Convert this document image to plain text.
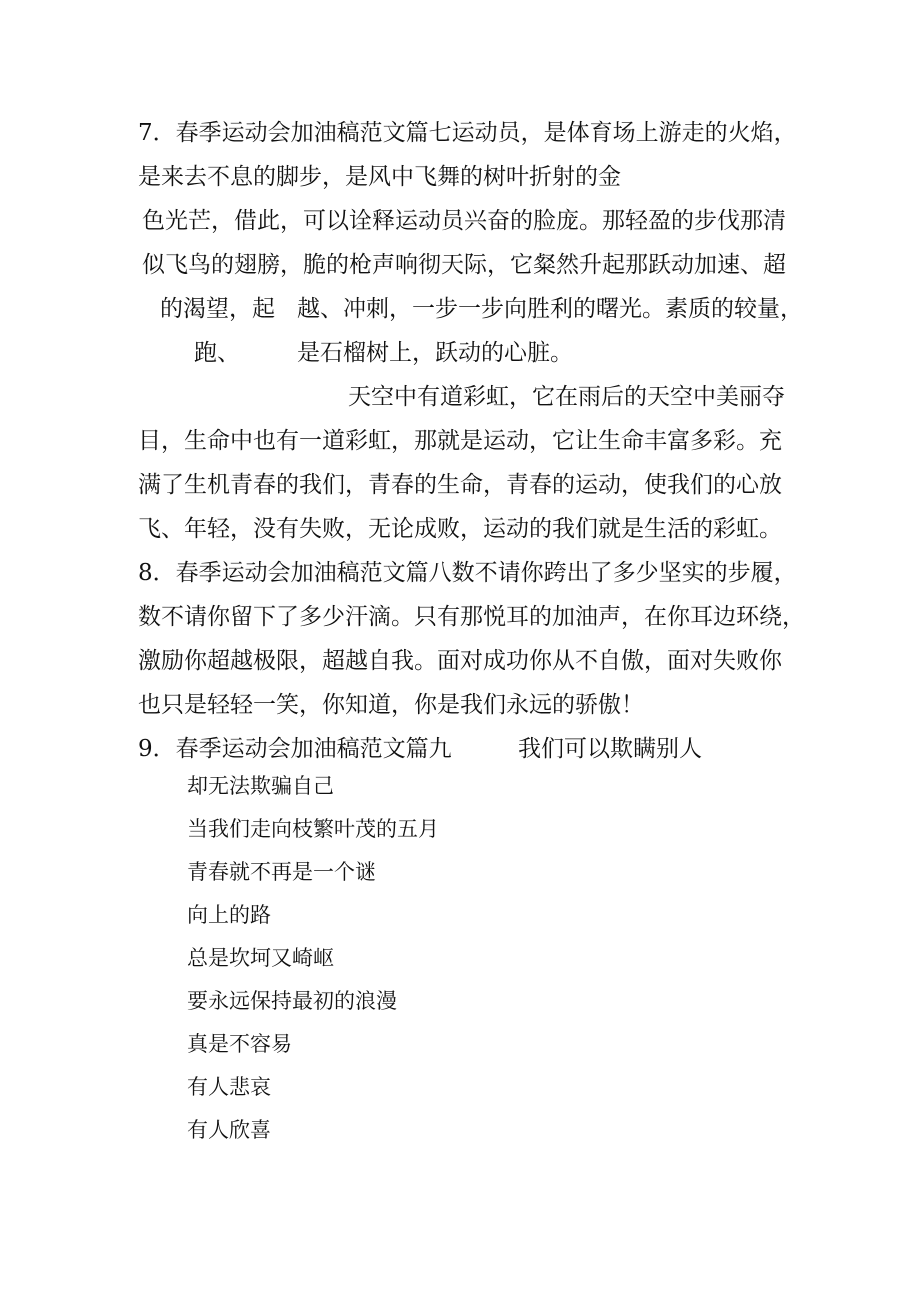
7．春季运动会加油稿范文篇七运动员，是体育场上游走的火焰，
是来去不息的脚步，是风中飞舞的树叶折射的金
色光芒，借此，可以诠释运动员兴奋的脸庞。那轻盈的步伐那清
似飞鸟的翅膀，脆的枪声响彻天际，它粲然升起那跃动加速、超
的渴望，起 越、冲刺，一步一步向胜利的曙光。素质的较量，
跑、 是石榴树上，跃动的心脏。
天空中有道彩虹，它在雨后的天空中美丽夺
目，生命中也有一道彩虹，那就是运动，它让生命丰富多彩。充
满了生机青春的我们，青春的生命，青春的运动，使我们的心放
飞、年轻，没有失败，无论成败，运动的我们就是生活的彩虹。
8．春季运动会加油稿范文篇八数不请你跨出了多少坚实的步履，
数不请你留下了多少汗滴。只有那悦耳的加油声，在你耳边环绕，
激励你超越极限，超越自我。面对成功你从不自傲，面对失败你
也只是轻轻一笑，你知道，你是我们永远的骄傲！
9．春季运动会加油稿范文篇九	我们可以欺瞒别人
却无法欺骗自己
当我们走向枝繁叶茂的五月
青春就不再是一个谜
向上的路
总是坎坷又崎岖
要永远保持最初的浪漫
真是不容易
有人悲哀
有人欣喜
